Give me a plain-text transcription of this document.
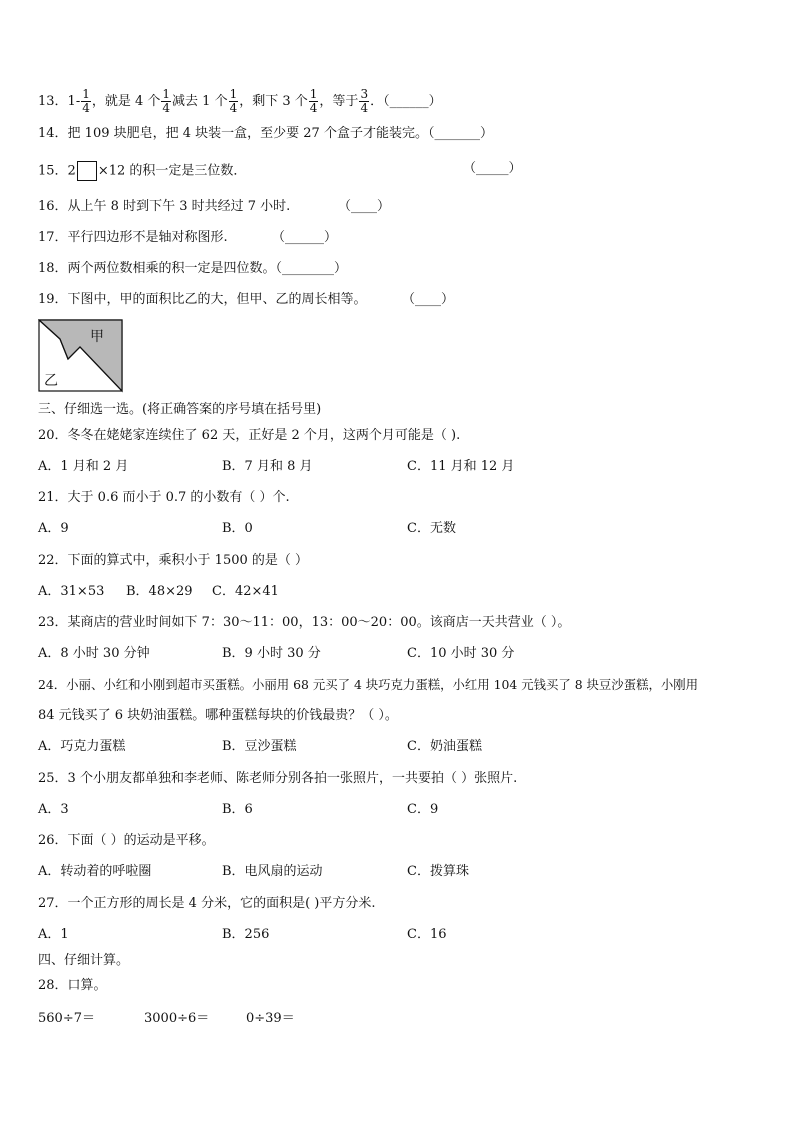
13．$1- \frac{1}{4}$ ，就是 4 个 $\frac{1}{4}$ 减去 1 个 $\frac{1}{4}$ ，剩下 3 个 $\frac{1}{4}$ ，等于 $\frac{3}{4}$ ．（______）
14．把 109 块肥皂，把 4 块装一盒，至少要 27 个盒子才能装完。（_______）
15．2 ×12 的积一定是三位数．	（_____）
16．从上午 8 时到下午 3 时共经过 7 小时.	（____）
17．平行四边形不是轴对称图形.	（______）
18．两个两位数相乘的积一定是四位数。（________）
19．下图中，甲的面积比乙的大，但甲、乙的周长相等。	（____）
甲
乙
三、仔细选一选。(将正确答案的序号填在括号里)
20．冬冬在姥姥家连续住了 62 天，正好是 2 个月，这两个月可能是（ ).
A．1 月和 2 月	B．7 月和 8 月	C．11 月和 12 月
21．大于 0.6 而小于 0.7 的小数有（ ）个.
A．9	B．0	C．无数
22．下面的算式中，乘积小于 1500 的是（ ）
A．31×53 B．48×29 C．42×41
23．某商店的营业时间如下 7：30～11：00，13：00～20：00。该商店一天共营业（ ）。
A．8 小时 30 分钟	B．9 小时 30 分	C．10 小时 30 分
24．小丽、小红和小刚到超市买蛋糕。小丽用 68 元买了 4 块巧克力蛋糕，小红用 104 元钱买了 8 块豆沙蛋糕，小刚用
84 元钱买了 6 块奶油蛋糕。哪种蛋糕每块的价钱最贵？（ ）。
A．巧克力蛋糕	B．豆沙蛋糕	C．奶油蛋糕
25．3 个小朋友都单独和李老师、陈老师分别各拍一张照片，一共要拍（ ）张照片.
A．3	B．6	C．9
26．下面（ ）的运动是平移。
A．转动着的呼啦圈	B．电风扇的运动	C．拨算珠
27．一个正方形的周长是 4 分米，它的面积是( )平方分米.
A．1	B．256	C．16
四、仔细计算。
28．口算。
560÷7＝	3000÷6＝	0÷39＝
